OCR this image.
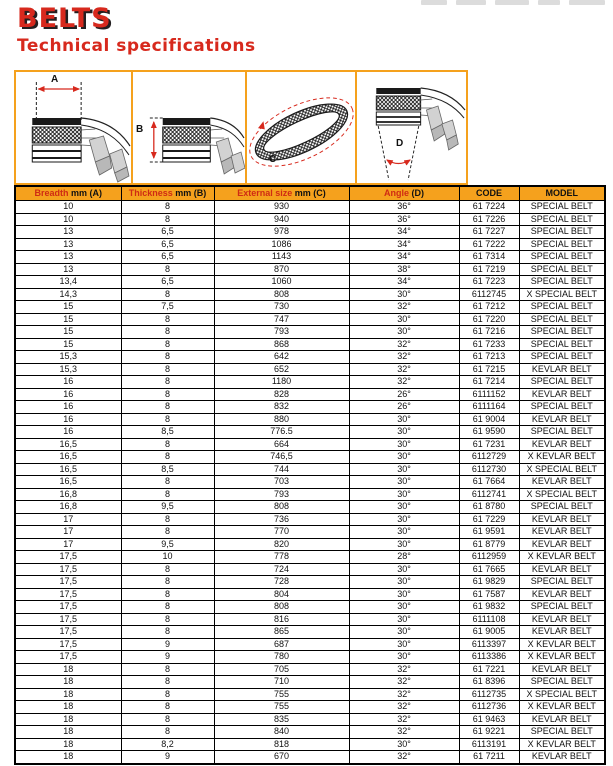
BELTS
Technical specifications
A
B
C
D
Breadth mm (A)	Thickness mm (B)	External size mm (C)	Angle (D)	CODE	MODEL
10	8	930	36°	61 7224	SPECIAL BELT
10	8	940	36°	61 7226	SPECIAL BELT
13	6,5	978	34°	61 7227	SPECIAL BELT
13	6,5	1086	34°	61 7222	SPECIAL BELT
13	6,5	1143	34°	61 7314	SPECIAL BELT
13	8	870	38°	61 7219	SPECIAL BELT
13,4	6,5	1060	34°	61 7223	SPECIAL BELT
14,3	8	808	30°	6112745	X SPECIAL BELT
15	7,5	730	32°	61 7212	SPECIAL BELT
15	8	747	30°	61 7220	SPECIAL BELT
15	8	793	30°	61 7216	SPECIAL BELT
15	8	868	32°	61 7233	SPECIAL BELT
15,3	8	642	32°	61 7213	SPECIAL BELT
15,3	8	652	32°	61 7215	KEVLAR BELT
16	8	1180	32°	61 7214	SPECIAL BELT
16	8	828	26°	6111152	KEVLAR BELT
16	8	832	26°	6111164	SPECIAL BELT
16	8	880	30°	61 9004	KEVLAR BELT
16	8,5	776.5	30°	61 9590	SPECIAL BELT
16,5	8	664	30°	61 7231	KEVLAR BELT
16,5	8	746,5	30°	6112729	X KEVLAR BELT
16,5	8,5	744	30°	6112730	X SPECIAL BELT
16,5	8	703	30°	61 7664	KEVLAR BELT
16,8	8	793	30°	6112741	X SPECIAL BELT
16,8	9,5	808	30°	61 8780	SPECIAL BELT
17	8	736	30°	61 7229	KEVLAR BELT
17	8	770	30°	61 9591	KEVLAR BELT
17	9,5	820	30°	61 8779	KEVLAR BELT
17,5	10	778	28°	6112959	X KEVLAR BELT
17,5	8	724	30°	61 7665	KEVLAR BELT
17,5	8	728	30°	61 9829	SPECIAL BELT
17,5	8	804	30°	61 7587	KEVLAR BELT
17,5	8	808	30°	61 9832	SPECIAL BELT
17,5	8	816	30°	6111108	KEVLAR BELT
17,5	8	865	30°	61 9005	KEVLAR BELT
17,5	9	687	30°	6113397	X KEVLAR BELT
17,5	9	780	30°	6113386	X KEVLAR BELT
18	8	705	32°	61 7221	KEVLAR BELT
18	8	710	32°	61 8396	SPECIAL BELT
18	8	755	32°	6112735	X SPECIAL BELT
18	8	755	32°	6112736	X KEVLAR BELT
18	8	835	32°	61 9463	KEVLAR BELT
18	8	840	32°	61 9221	SPECIAL BELT
18	8,2	818	30°	6113191	X KEVLAR BELT
18	9	670	32°	61 7211	KEVLAR BELT
